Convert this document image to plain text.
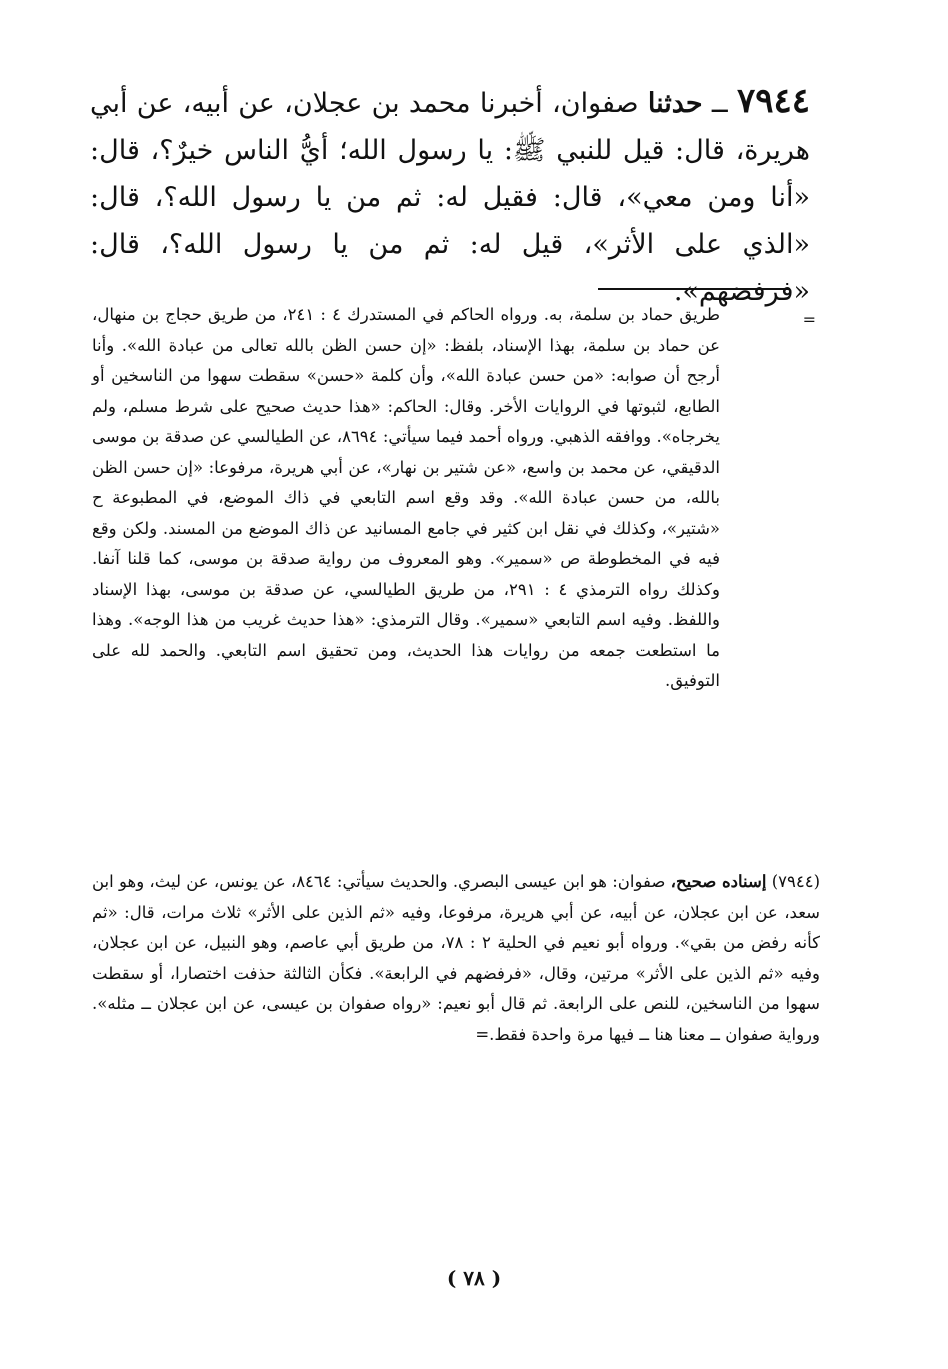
٧٩٤٤ ــ حدثنا صفوان، أخبرنا محمد بن عجلان، عن أبيه، عن أبي هريرة، قال: قيل للنبي ﷺ: يا رسول الله؛ أيُّ الناس خيرٌ؟، قال: «أنا ومن معي»، قال: فقيل له: ثم من يا رسول الله؟، قال: «الذي على الأثر»، قيل له: ثم من يا رسول الله؟، قال: «فرفضهم».
=

طريق حماد بن سلمة، به. ورواه الحاكم في المستدرك ٤ : ٢٤١، من طريق حجاج بن منهال، عن حماد بن سلمة، بهذا الإسناد، بلفظ: «إن حسن الظن بالله تعالى من عبادة الله». وأنا أرجح أن صوابه: «من حسن عبادة الله»، وأن كلمة «حسن» سقطت سهوا من الناسخين أو الطابع، لثبوتها في الروايات الأخر. وقال: الحاكم: «هذا حديث صحيح على شرط مسلم، ولم يخرجاه». ووافقه الذهبي. ورواه أحمد فيما سيأتي: ٨٦٩٤، عن الطيالسي عن صدقة بن موسى الدقيقي، عن محمد بن واسع، «عن شتير بن نهار»، عن أبي هريرة، مرفوعا: «إن حسن الظن بالله، من حسن عبادة الله». وقد وقع اسم التابعي في ذاك الموضع، في المطبوعة ح «شتير»، وكذلك في نقل ابن كثير في جامع المسانيد عن ذاك الموضع من المسند. ولكن وقع فيه في المخطوطة ص «سمير». وهو المعروف من رواية صدقة بن موسى، كما قلنا آنفا. وكذلك رواه الترمذي ٤ : ٢٩١، من طريق الطيالسي، عن صدقة بن موسى، بهذا الإسناد واللفظ. وفيه اسم التابعي «سمير». وقال الترمذي: «هذا حديث غريب من هذا الوجه». وهذا ما استطعت جمعه من روايات هذا الحديث، ومن تحقيق اسم التابعي. والحمد لله على التوفيق.

(٧٩٤٤) إسناده صحيح، صفوان: هو ابن عيسى البصري. والحديث سيأتي: ٨٤٦٤، عن يونس، عن ليث، وهو ابن سعد، عن ابن عجلان، عن أبيه، عن أبي هريرة، مرفوعا، وفيه «ثم الذين على الأثر» ثلاث مرات، قال: «ثم كأنه رفض من بقي». ورواه أبو نعيم في الحلية ٢ : ٧٨، من طريق أبي عاصم، وهو النبيل، عن ابن عجلان، وفيه «ثم الذين على الأثر» مرتين، وقال، «فرفضهم في الرابعة». فكأن الثالثة حذفت اختصارا، أو سقطت سهوا من الناسخين، للنص على الرابعة. ثم قال أبو نعيم: «رواه صفوان بن عيسى، عن ابن عجلان ــ مثله». ورواية صفوان ــ معنا هنا ــ فيها مرة واحدة فقط.=

( ٧٨ )
